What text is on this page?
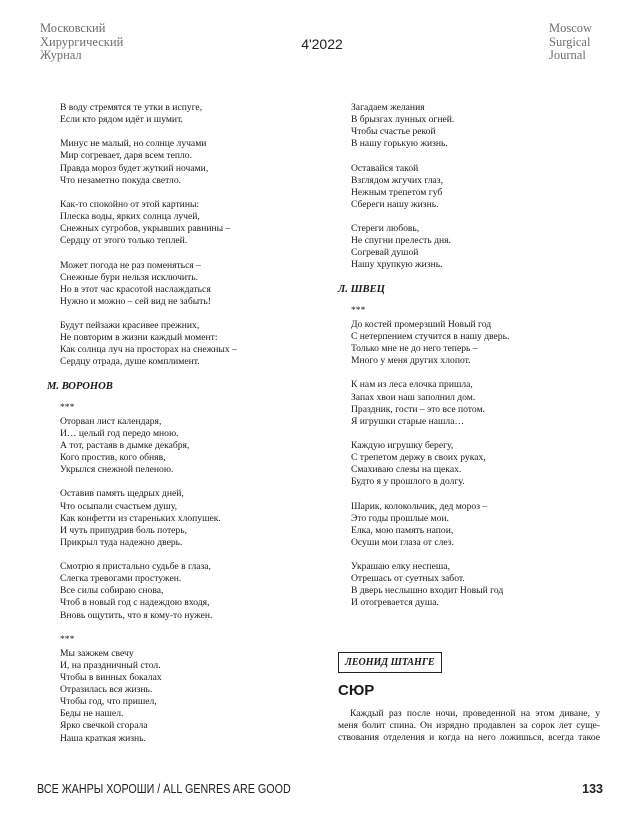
Московский
Хирургический
Журнал
4'2022
Moscow
Surgical
Journal
В воду стремятся те утки в испуге,
Если кто рядом идёт и шумит.
Минус не малый, но солнце лучами
Мир согревает, даря всем тепло.
Правда мороз будет жуткий ночами,
Что незаметно покуда светло.
Как-то спокойно от этой картины:
Плеска воды, ярких солнца лучей,
Снежных сугробов, укрывших равнины –
Сердцу от этого только теплей.
Может погода не раз поменяться –
Снежные бури нельзя исключить.
Но в этот час красотой наслаждаться
Нужно и можно – сей вид не забыть!
Будут пейзажи красивее прежних,
Не повторим в жизни каждый момент:
Как солнца луч на просторах на снежных –
Сердцу отрада, душе комплимент.
М. ВОРОНОВ
***
Оторван лист календаря,
И… целый год передо мною.
А тот, растаяв в дымке декабря,
Кого простив, кого обняв,
Укрылся снежной пеленою.
Оставив память щедрых дней,
Что осыпали счастьем душу,
Как конфетти из стареньких хлопушек.
И чуть припудрив боль потерь,
Прикрыл туда надежно дверь.
Смотрю я пристально судьбе в глаза,
Слегка тревогами простужен.
Все силы собираю снова,
Чтоб в новый год с надеждою входя,
Вновь ощутить, что я кому-то нужен.
***
Мы зажжем свечу
И, на праздничный стол.
Чтобы в винных бокалах
Отразилась вся жизнь.
Чтобы год, что пришел,
Беды не нашел.
Ярко свечкой сгорала
Наша краткая жизнь.
Загадаем желания
В брызгах лунных огней.
Чтобы счастье рекой
В нашу горькую жизнь.
Оставайся такой
Взглядом жгучих глаз,
Нежным трепетом губ
Сбереги нашу жизнь.
Стереги любовь,
Не спугни прелесть дня.
Согревай душой
Нашу хрупкую жизнь.
Л. ШВЕЦ
***
До костей промерзший Новый год
С нетерпением стучится в нашу дверь.
Только мне не до него теперь –
Много у меня других хлопот.
К нам из леса елочка пришла,
Запах хвои наш заполнил дом.
Праздник, гости – это все потом.
Я игрушки старые нашла…
Каждую игрушку берегу,
С трепетом держу в своих руках,
Смахиваю слезы на щеках.
Будто я у прошлого в долгу.
Шарик, колокольчик, дед мороз –
Это годы прошлые мои.
Елка, мою память напои,
Осуши мои глаза от слез.
Украшаю елку неспеша,
Отрешась от суетных забот.
В дверь неслышно входит Новый год
И отогревается душа.
ЛЕОНИД ШТАНГЕ
СЮР
Каждый раз после ночи, проведенной на этом диване, у
меня болит спина. Он изрядно продавлен за сорок лет суще-
ствования отделения и когда на него ложишься, всегда такое
ВСЕ ЖАНРЫ ХОРОШИ / ALL GENRES ARE GOOD	133
